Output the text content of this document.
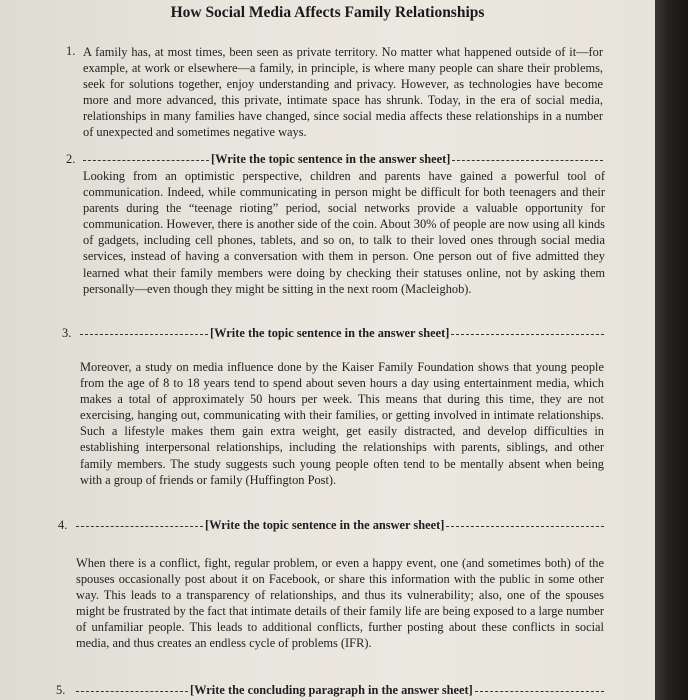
How Social Media Affects Family Relationships
1. A family has, at most times, been seen as private territory. No matter what happened outside of it—for example, at work or elsewhere—a family, in principle, is where many people can share their problems, seek for solutions together, enjoy understanding and privacy. However, as technologies have become more and more advanced, this private, intimate space has shrunk. Today, in the era of social media, relationships in many families have changed, since social media affects these relationships in a number of unexpected and sometimes negative ways.

2.	[Write the topic sentence in the answer sheet]

Looking from an optimistic perspective, children and parents have gained a powerful tool of communication. Indeed, while communicating in person might be difficult for both teenagers and their parents during the “teenage rioting” period, social networks provide a valuable opportunity for communication. However, there is another side of the coin. About 30% of people are now using all kinds of gadgets, including cell phones, tablets, and so on, to talk to their loved ones through social media services, instead of having a conversation with them in person. One person out of five admitted they learned what their family members were doing by checking their statuses online, not by asking them personally—even though they might be sitting in the next room (Macleighob).

3.	[Write the topic sentence in the answer sheet]

Moreover, a study on media influence done by the Kaiser Family Foundation shows that young people from the age of 8 to 18 years tend to spend about seven hours a day using entertainment media, which makes a total of approximately 50 hours per week. This means that during this time, they are not exercising, hanging out, communicating with their families, or getting involved in intimate relationships. Such a lifestyle makes them gain extra weight, get easily distracted, and develop difficulties in establishing interpersonal relationships, including the relationships with parents, siblings, and other family members. The study suggests such young people often tend to be mentally absent when being with a group of friends or family (Huffington Post).

4.	[Write the topic sentence in the answer sheet]

When there is a conflict, fight, regular problem, or even a happy event, one (and sometimes both) of the spouses occasionally post about it on Facebook, or share this information with the public in some other way. This leads to a transparency of relationships, and thus its vulnerability; also, one of the spouses might be frustrated by the fact that intimate details of their family life are being exposed to a large number of unfamiliar people. This leads to additional conflicts, further posting about these conflicts in social media, and thus creates an endless cycle of problems (IFR).

5.	[Write the concluding paragraph in the answer sheet]
